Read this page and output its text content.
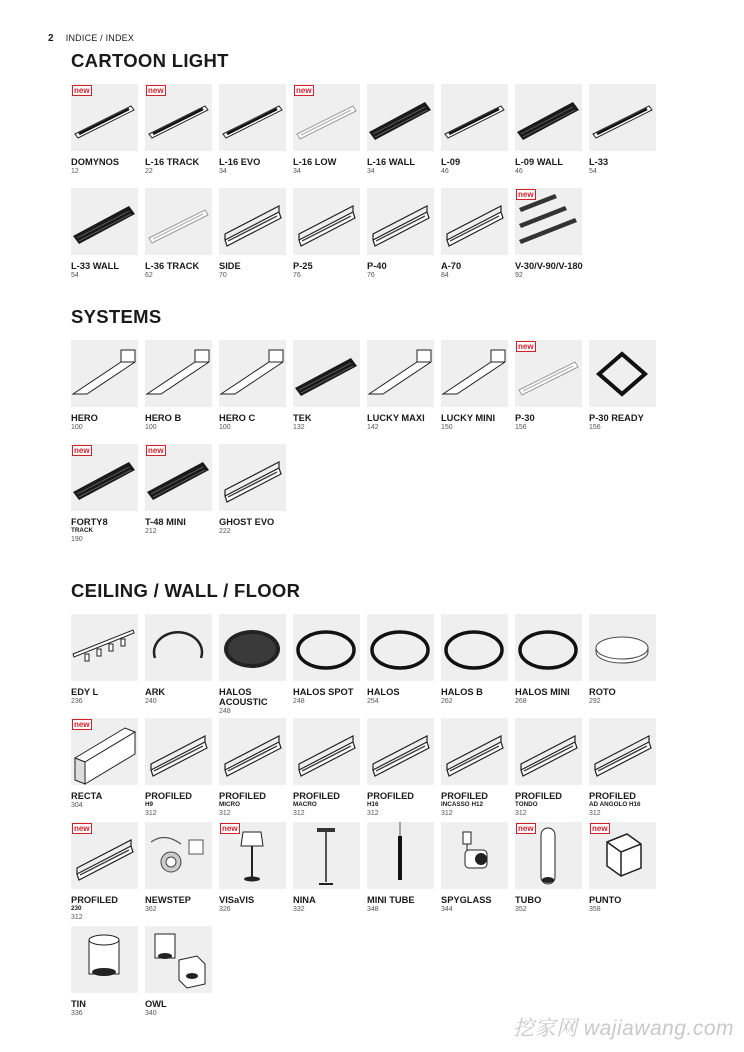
2 INDICE / INDEX
CARTOON LIGHT
new
DOMYNOS
12
new
L-16 TRACK
22
L-16 EVO
34
new
L-16 LOW
34
L-16 WALL
34
L-09
46
L-09 WALL
46
L-33
54
L-33 WALL
54
L-36 TRACK
62
SIDE
70
P-25
76
P-40
76
A-70
84
new
V-30/V-90/V-180
92
SYSTEMS
HERO
100
HERO B
100
HERO C
100
TEK
132
LUCKY MAXI
142
LUCKY MINI
150
new
P-30
156
P-30 READY
156
new
FORTY8
TRACK
190
new
T-48 MINI
212
GHOST EVO
222
CEILING / WALL / FLOOR
EDY L
236
ARK
240
HALOS
ACOUSTIC
248
HALOS SPOT
248
HALOS
254
HALOS B
262
HALOS MINI
268
ROTO
292
new
RECTA
304
PROFILED
H9
312
PROFILED
MICRO
312
PROFILED
MACRO
312
PROFILED
H16
312
PROFILED
INCASSO H12
312
PROFILED
TONDO
312
PROFILED
AD ANGOLO H16
312
new
PROFILED
230
312
NEWSTEP
362
new
VISaVIS
326
NINA
332
MINI TUBE
348
SPYGLASS
344
new
TUBO
352
new
PUNTO
358
TIN
336
OWL
340
挖家网 wajiawang.com
